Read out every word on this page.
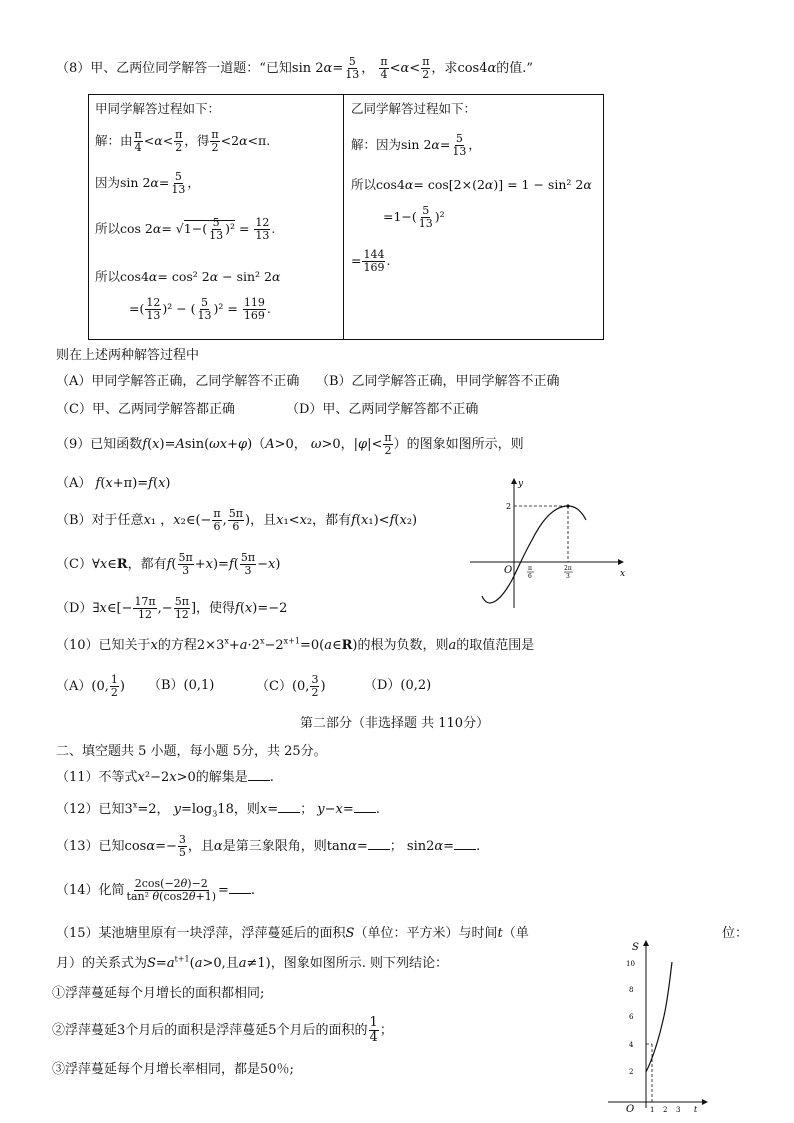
（8）甲、乙两位同学解答一道题：“已知$\sin 2\alpha= \frac{5}{13}$ ， $\frac{\pi}{4} <\alpha< \frac{\pi}{2}$ ，求cos4α的值.”
甲同学解答过程如下：
解：由 $\frac{\pi}{4} <\alpha< \frac{\pi}{2}$ ，得 $\frac{\pi}{2} <2\alpha<\pi$.
因为$\sin 2\alpha= \frac{5}{13}$ ，
所以$\cos 2\alpha= √1-( \frac{5}{13} )^2 = \frac{12}{13}$ .
所以cos4α= cos² 2α − sin² 2α
=( $\frac{12}{13} )^2$ − ( $\frac{5}{13} )^2 = \frac{119}{169}$ .
乙同学解答过程如下：
解：因为$\sin 2\alpha= \frac{5}{13}$ ，
所以cos4α= cos[2×(2α)] = 1 − sin² 2α
$=1-( \frac{5}{13} )^2$
= $\frac{144}{169}$ .
则在上述两种解答过程中
（A）甲同学解答正确，乙同学解答不正确 （B）乙同学解答正确，甲同学解答不正确
（C）甲、乙两同学解答都正确	（D）甲、乙两同学解答都不正确
（9）已知函数f(x)=Asin(ωx+φ)（A>0， ω>0，$|\varphi|< \frac{\pi}{2}$ ）的图象如图所示，则
（A） f(x+π)=f(x)
（B）对于任意x₁ ，x₂∈(− $\frac{\pi}{6}$ , $\frac{5\pi}{6}$ )，且x₁<x₂，都有f(x₁)<f(x₂)
（C）∀x∈R，都有$f( \frac{5\pi}{3} +x)=f( \frac{5\pi}{3} -x)$
（D）∃x∈[− $\frac{17\pi}{12}$ ,− $\frac{5\pi}{12}$ ]，使得f(x)=−2
y
x
O
2
π
6
2π
3
（10）已知关于x的方程$2\times 3^x+a\cdot 2^x-2^{x+1}=0(a\in R)$的根为负数，则a的取值范围是
（A）(0, $\frac{1}{2}$ ) （B）(0,1)	（C）(0, $\frac{3}{2}$ )	（D）(0,2)
第二部分（非选择题 共 110分）
二、填空题共 5 小题，每小题 5分，共 25分。
（11）不等式x²−2x>0的解集是 .
（12）已知$3^x=2$， $y=\log_318$，则x= ； y−x= .
（13）已知$\cos\alpha=- \frac{3}{5}$ ，且α是第三象限角，则tanα= ； sin2α= .
（14）化简 $\frac{2\cos(-2\theta)-2}{\text{tan² θ(cos2θ+1)}}$ = .
（15）某池塘里原有一块浮萍，浮萍蔓延后的面积S（单位：平方米）与时间t（单	位：
月）的关系式为$S=a^{t+1}(a>0$,且a≠1)，图象如图所示. 则下列结论：
①浮萍蔓延每个月增长的面积都相同;
②浮萍蔓延3个月后的面积是浮萍蔓延5个月后的面积的 $\frac{1}{4}$ ；
③浮萍蔓延每个月增长率相同，都是50％;
S
t
O
10
8
6
4
2
1 2 3
